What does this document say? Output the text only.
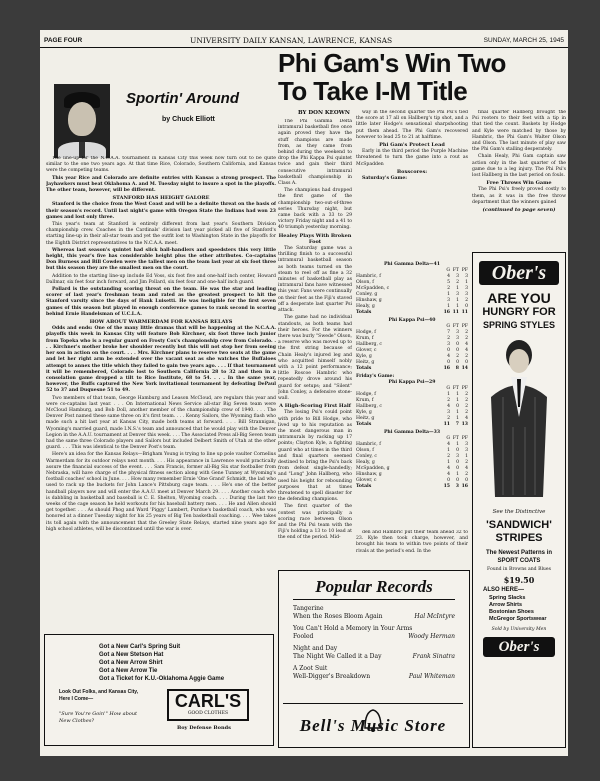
PAGE FOUR	UNIVERSITY DAILY KANSAN, LAWRENCE, KANSAS	SUNDAY, MARCH 25, 1945
Phi Gam's Win Two
To Take I-M Title
Sportin' Around
by Chuck Elliott

The line-up for the N.C.A.A. tournament in Kansas City this week now turn out to be quite similar to the one two years ago. At that time Rice, Colorado, Southern California, and Kansas were the competing teams.

This year Rice and Colorado are definite entries with Kansas a strong prospect. The Jayhawkers must beat Oklahoma A. and M. Tuesday night to insure a spot in the playoffs. The other team, however, will be different.

STANFORD HAS HEIGHT GALORE

Stanford is the choice from the West Coast and will be a definite threat on the basis of their season's record. Until last night's game with Oregon State the Indians had won 23 games and lost only three.

This year's team at Stanford is entirely different from last year's Southern Division championship crew. Coaches in the Cardinals' division last year picked all five of Stanford's starting line-up in their all-star team and yet the outfit lost to Washington State in the playoffs for the Eighth District representatives to the N.C.A.A. meet.

Whereas last season's quintet had slick ball-handlers and speedsters this very little height, this year's five has considerable height plus the other attributes. Co-captains Don Burness and Bill Cowden were the tallest men on the team last year at six foot three but this season they are the smallest men on the court.

Addition to the starting line-up include Ed Voss, six foot five and one-half inch center, Howard Dallmar, six feet four inch forward, and Jim Pollard, six feet four and one-half inch guard.

Pollard is the outstanding scoring threat on the team. He was the star and leading scorer of last year's freshman team and rated as the greatest prospect to hit the Stanford varsity since the days of Hank Luisetti. He was ineligible for the first seven games of this season but played in enough conference games to rank second in scoring behind Ernie Handelsman of U.C.L.A.

HOW ABOUT WARMERDAM FOR KANSAS RELAYS

Odds and ends: One of the many little dramas that will be happening at the N.C.A.A. playoffs this week in Kansas City will feature Bob Kirchner, six foot three inch junior from Topeka who is a regular guard on Frosty Cox's championship crew from Colorado. . . . Kirchner's mother broke her shoulder recently but this will not stop her from seeing her son in action on the court. . . . Mrs. Kirchner plans to reserve two seats at the game and let her right arm be extended over the vacant seat as she watches the Buffaloes attempt to annex the title which they failed to gain two years ago. . . . If that tournament it will be remembered, Colorado lost to Southern California 28 to 32 and then in a consolation game dropped a tilt to Rice Institute, 68 to 54. . . . In the same year, however, the Buffs captured the New York invitational tournament by defeating DePaul 52 to 37 and Duquesne 51 to 49.

Two members of that team, George Hamburg and Leason McCloud, are regulars this year and were co-captains last year. . . . On International News Service all-star Big Seven team were McCloud Hamburg, and Bob Doll, another member of the championship crew of 1940. . . . The Denver Post named these same three on it's first team. . . . Kenny Sailors, the Wyoming flash who made such a hit last year at Kansas City, made both teams at forward. . . . Bill Strannigan, Wyoming's married guard, made I.N.S.'s team and announced that he would play with the Denver Legion in the A.A.U. tournament at Denver this week. . . . The Associated Press all-Big Seven team had the same three Colorado players and Sailors but included Delbert Smith of Utah at the other guard. . . . This was identical to the Denver Post's team.

Here's an idea for the Kansas Relays—Brigham Young is trying to line up pole vaulter Cornelius Warmerdam for its outdoor relays next month. . . . His appearance in Lawrence would practically assure the financial success of the event. . . . Sam Francis, former all-Big Six star footballer from Nebraska, will have charge of the physical fitness section along with Gene Tunney at Wyoming's football coaches' school in June. . . . How many remember Ernie 'One Grand' Schmidt, the lad who used to rack up the buckets for John Lance's Pittsburg cage team. . . . He's one of the better handball players now and will enter the A.A.U. meet at Denver March 29. . . . Another coach who is dabbling in basketball and baseball is C. E. Shelton, Wyoming coach. . . . During the last two weeks of the cage season he held workouts for his baseball battery men. . . . He and Allen should get together. . . . As should Phog and Ward 'Piggy' Lambert, Purdue's basketball coach, who was honored at a dinner Tuesday night for his 25 years of Big Ten basketball coaching. . . . Wee takes its toll again with the announcement that the Greeley State Relays, started nine years ago for high school athletes, will be discontinued until the war is over.

BY DON KEOWN

The Phi Gamma Delta intramural basketball five once again proved they have the stuff champions are made from, as they came from behind during the weekend to drop the Phi Kappa Psi quintet twice and gain their third consecutive intramural basketball championship in Class A.

The champions had dropped the first game of the championship two-out-of-three series Thursday night, but came back with a 33 to 29 victory Friday night and a 41 to 40 triumph yesterday morning.

Healey Plays With Broken Foot

The Saturday game was a thrilling finish to a successful intramural basketball season as both teams turned on the steam to reel off as fine a 32 minutes of basketball play as intramural fans have witnessed this year. Fans were continually on their feet as the Fiji's staved off a desperate last quarter Psi attack.

The game had no individual standouts, as both teams had their heroes. For the winners there was burly "Swede" Olson, a reserve who was moved up to the first string because of Chain Healy's injured leg and who acquitted himself nobly with a 12 point performance; little Roscoe Hambric who repeatedly drove around his guard for setups; and "Silent" John Conley, a defensive stone-wall.

A High-Scoring First Half

The losing Psi's could point with pride to Bill Hodge, who lived up to his reputation as the most dangerous man in intramurals by racking up 17 points; Clayton Kyle, a fighting guard who at times in the third and final quarters seemed destined to bring the Psi's back from defeat single-handedly; and "Long" John Hallberg, who used his height for rebounding purposes that at times threatened to spell disaster for the defending champions.

The first quarter of the contest was principally a scoring race between Olson and the Phi Psi team with the Fiji's holding a 13 to 10 lead at the end of the period. Mid-

way in the second quarter the Phi Psi's tied the score at 17 all on Hallberg's tip shot, and a little later Hodge's sensational sharpshooting put them ahead. The Phi Gam's recovered however to lead 25 to 21 at halftime.

Phi Gam's Protect Lead

Early in the third period the Purple Machine threatened to turn the game into a rout as McSpadden

Boxscores:

Saturday's Game:

Phi Gamma Delta—41
G FT PF
Hambric, f	4	3	3
Olson, f	5	2	1
McSpadden, c	2	1	3
Conley, g	1	3	3
Hinshaw, g	3	1	2
Healy, g	1	1	0
Totals	16 11 11
Phi Kappa Psi—40
G FT PF
Hodge, f	7	3	2
Krum, f	2	3	2
Hallberg, c	3	0	4
Glover, c	0	0	4
Kyle, g	4	2	2
Heitz, g	0	0	0
Totals	16	8 14
Friday's Game:
Phi Kappa Psi—29
G FT PF
Hodge, f	1	1	2
Krum, f	2	1	2
Hallberg, c	4	0	2
Kyle, g	3	1	2
Heitz, g	2	1	4
Totals	11	7 13
Phi Gamma Delta—33
G FT PF
Hambric, f	4	1	3
Olson, f	1	0	3
Conley, c	2	3	1
Healy, g	1	0	2
McSpadden, g	4	0	4
Hinshaw, g	4	1	2
Glover, c	0	0	0
Totals	15	3 16

den and Hambric put their team ahead 32 to 23. Kyle then took charge, however, and brought his team to within two points of their rivals at the period's end. In the

final quarter Hallberg brought the Psi rooters to their feet with a tip in that tied the count. Baskets by Hodge and Kyle were matched by those by Hambric, the Phi Gam's Walter Olson and Olson. The last minute of play saw the Phi Gam's stalling desperately.

Chain Healy, Phi Gam captain saw action only in the last quarter of the game due to a leg injury. The Phi Psi's lost Hallberg in the last period on fouls.

Free Throws Win Game

The Phi Psi's freely proved costly to them, as it was in the free throw department that the winners gained

(continued to page seven)

Ober's
ARE YOU
HUNGRY FOR
SPRING STYLES
See the Distinctive
'SANDWICH' STRIPES
The Newest Patterns in SPORT COATS
Found in Browns and Blues
$19.50
ALSO HERE—
Spring Slacks
Arrow Shirts
Bostonian Shoes
McGregor Sportswear
Sold by University Men
Ober's
Popular Records
Tangerine
When the Roses Bloom Again	Hal McIntyre
You Can't Hold a Memory in Your Arms
Fooled	Woody Herman
Night and Day
The Night We Called it a Day	Frank Sinatra
A Zoot Suit
Well-Digger's Breakdown	Paul Whiteman
Bell's Music Store
Got a New Carl's Spring Suit
Got a New Stetson Hat
Got a New Arrow Shirt
Got a New Arrow Tie
Got a Ticket for K.U.-Oklahoma Aggie Game
Look Out Folks, and Kansas City, Here I Come—
"Sure You're Goin'" How about New Clothes?
CARL'S
GOOD CLOTHES
Boy Defense Bonds
